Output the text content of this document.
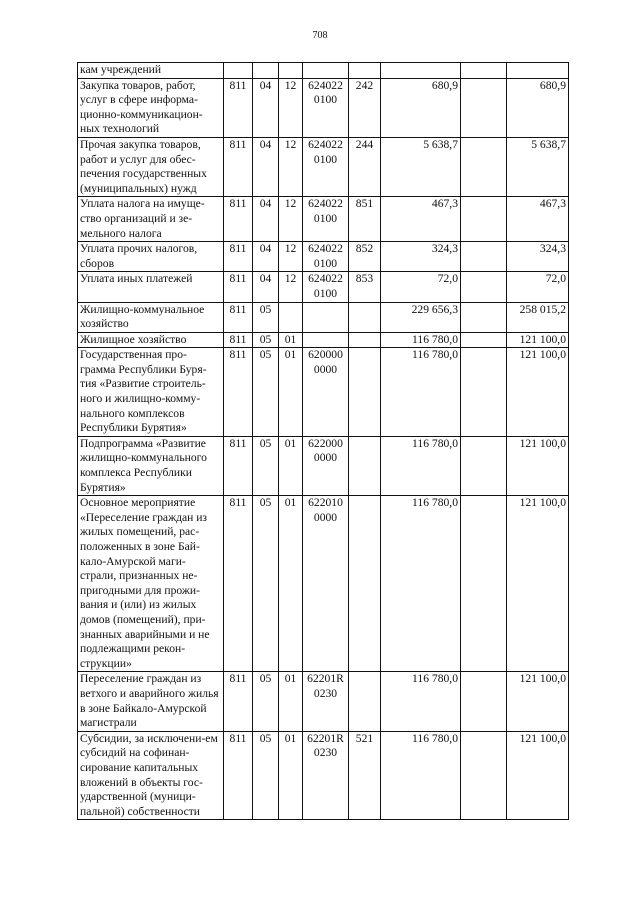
708
кам учреждений								
Закупка товаров, работ, услуг в сфере информа-ционно-коммуникацион-ных технологий	811	04	12	624022 0100	242	680,9		680,9
Прочая закупка товаров, работ и услуг для обес-печения государственных (муниципальных) нужд	811	04	12	624022 0100	244	5 638,7		5 638,7
Уплата налога на имуще-ство организаций и зе-мельного налога	811	04	12	624022 0100	851	467,3		467,3
Уплата прочих налогов, сборов	811	04	12	624022 0100	852	324,3		324,3
Уплата иных платежей	811	04	12	624022 0100	853	72,0		72,0
Жилищно-коммунальное хозяйство	811	05				229 656,3		258 015,2
Жилищное хозяйство	811	05	01			116 780,0		121 100,0
Государственная про-грамма Республики Буря-тия «Развитие строитель-ного и жилищно-комму-нального комплексов Республики Бурятия»	811	05	01	620000 0000		116 780,0		121 100,0
Подпрограмма «Развитие жилищно-коммунального комплекса Республики Бурятия»	811	05	01	622000 0000		116 780,0		121 100,0
Основное мероприятие «Переселение граждан из жилых помещений, рас-положенных в зоне Бай-кало-Амурской маги-страли, признанных не-пригодными для прожи-вания и (или) из жилых домов (помещений), при-знанных аварийными и не подлежащими рекон-струкции»	811	05	01	622010 0000		116 780,0		121 100,0
Переселение граждан из ветхого и аварийного жилья в зоне Байкало-Амурской магистрали	811	05	01	62201R 0230		116 780,0		121 100,0
Субсидии, за исключени-ем субсидий на софинан-сирование капитальных вложений в объекты гос-ударственной (муници-пальной) собственности	811	05	01	62201R 0230	521	116 780,0		121 100,0
